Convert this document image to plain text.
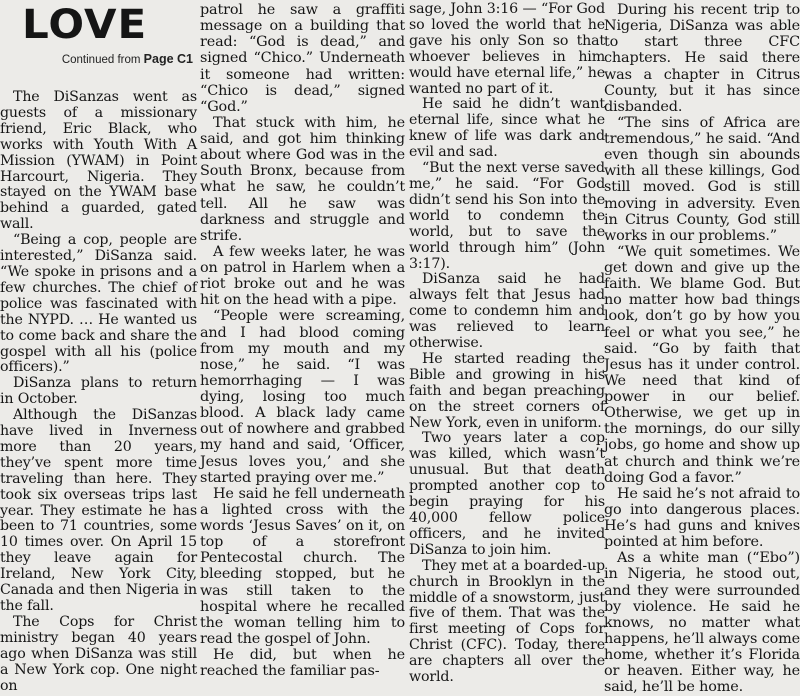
LOVE
Continued from Page C1

The DiSanzas went as guests of a missionary friend, Eric Black, who works with Youth With A Mission (YWAM) in Point Harcourt, Nigeria. They stayed on the YWAM base behind a guarded, gated wall.

“Being a cop, people are interested,” DiSanza said. “We spoke in prisons and a few churches. The chief of police was fascinated with the NYPD. … He wanted us to come back and share the gospel with all his (police officers).”

DiSanza plans to return in October.

Although the DiSanzas have lived in Inverness more than 20 years, they’ve spent more time traveling than here. They took six overseas trips last year. They estimate he has been to 71 countries, some 10 times over. On April 15 they leave again for Ireland, New York City, Canada and then Nigeria in the fall.

The Cops for Christ ministry began 40 years ago when DiSanza was still a New York cop. One night on

patrol he saw a graffiti message on a building that read: “God is dead,” and signed “Chico.” Underneath it someone had written: “Chico is dead,” signed “God.”

That stuck with him, he said, and got him thinking about where God was in the South Bronx, because from what he saw, he couldn’t tell. All he saw was darkness and struggle and strife.

A few weeks later, he was on patrol in Harlem when a riot broke out and he was hit on the head with a pipe.

“People were screaming, and I had blood coming from my mouth and my nose,” he said. “I was hemorrhaging — I was dying, losing too much blood. A black lady came out of nowhere and grabbed my hand and said, ‘Officer, Jesus loves you,’ and she started praying over me.”

He said he fell underneath a lighted cross with the words ‘Jesus Saves’ on it, on top of a storefront Pentecostal church. The bleeding stopped, but he was still taken to the hospital where he recalled the woman telling him to read the gospel of John.

He did, but when he reached the familiar pas-

sage, John 3:16 — “For God so loved the world that he gave his only Son so that whoever believes in him would have eternal life,” he wanted no part of it.

He said he didn’t want eternal life, since what he knew of life was dark and evil and sad.

“But the next verse saved me,” he said. “For God didn’t send his Son into the world to condemn the world, but to save the world through him” (John 3:17).

DiSanza said he had always felt that Jesus had come to condemn him and was relieved to learn otherwise.

He started reading the Bible and growing in his faith and began preaching on the street corners of New York, even in uniform.

Two years later a cop was killed, which wasn’t unusual. But that death prompted another cop to begin praying for his 40,000 fellow police officers, and he invited DiSanza to join him.

They met at a boarded-up church in Brooklyn in the middle of a snowstorm, just five of them. That was the first meeting of Cops for Christ (CFC). Today, there are chapters all over the world.

During his recent trip to Nigeria, DiSanza was able to start three CFC chapters. He said there was a chapter in Citrus County, but it has since disbanded.

“The sins of Africa are tremendous,” he said. “And even though sin abounds with all these killings, God still moved. God is still moving in adversity. Even in Citrus County, God still works in our problems.”

“We quit sometimes. We get down and give up the faith. We blame God. But no matter how bad things look, don’t go by how you feel or what you see,” he said. “Go by faith that Jesus has it under control. We need that kind of power in our belief. Otherwise, we get up in the mornings, do our silly jobs, go home and show up at church and think we’re doing God a favor.”

He said he’s not afraid to go into dangerous places. He’s had guns and knives pointed at him before.

As a white man (“Ebo”) in Nigeria, he stood out, and they were surrounded by violence. He said he knows, no matter what happens, he’ll always come home, whether it’s Florida or heaven. Either way, he said, he’ll be home.
